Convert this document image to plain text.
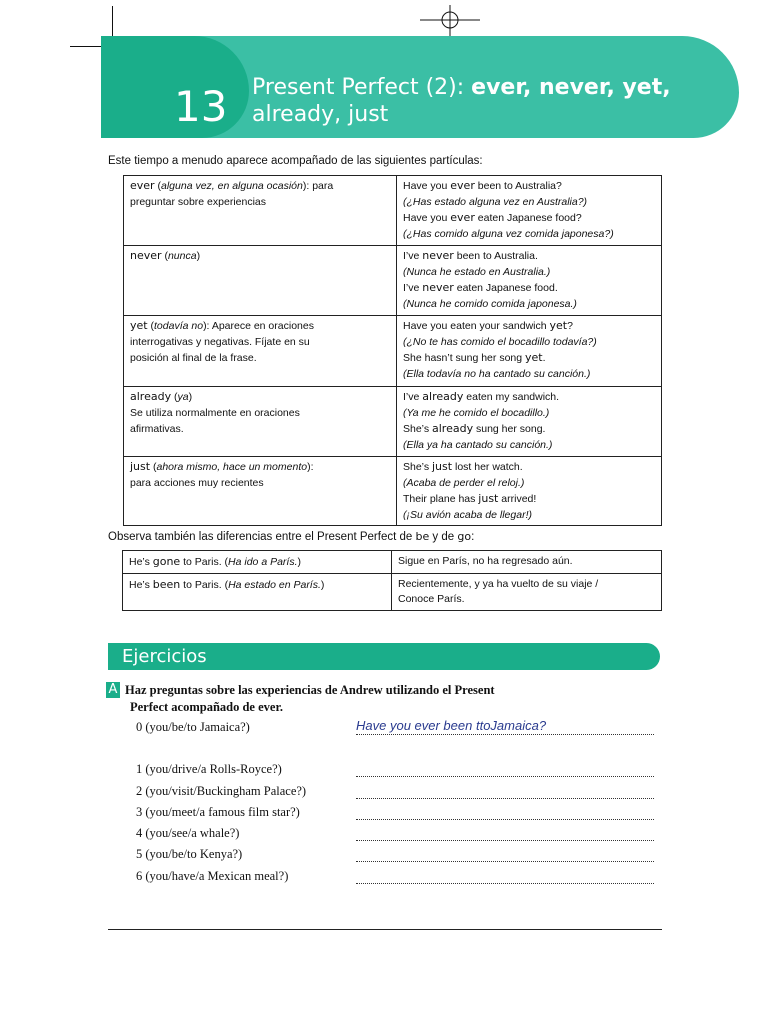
13 Present Perfect (2): ever, never, yet,
already, just
Este tiempo a menudo aparece acompañado de las siguientes partículas:
ever (alguna vez, en alguna ocasión): para
preguntar sobre experiencias	Have you ever been to Australia?
(¿Has estado alguna vez en Australia?)
Have you ever eaten Japanese food?
(¿Has comido alguna vez comida japonesa?)

never (nunca)	I’ve never been to Australia.
(Nunca he estado en Australia.)
I’ve never eaten Japanese food.
(Nunca he comido comida japonesa.)

yet (todavía no): Aparece en oraciones
interrogativas y negativas. Fíjate en su
posición al final de la frase.	Have you eaten your sandwich yet?
(¿No te has comido el bocadillo todavía?)
She hasn’t sung her song yet.
(Ella todavía no ha cantado su canción.)

already (ya)
Se utiliza normalmente en oraciones
afirmativas.	I’ve already eaten my sandwich.
(Ya me he comido el bocadillo.)
She’s already sung her song.
(Ella ya ha cantado su canción.)

just (ahora mismo, hace un momento):
para acciones muy recientes	She’s just lost her watch.
(Acaba de perder el reloj.)
Their plane has just arrived!
(¡Su avión acaba de llegar!)
Observa también las diferencias entre el Present Perfect de be y de go:
He’s gone to Paris. (Ha ido a París.)	Sigue en París, no ha regresado aún.
He’s been to Paris. (Ha estado en París.)	Recientemente, y ya ha vuelto de su viaje /
Conoce París.
Ejercicios
A Haz preguntas sobre las experiencias de Andrew utilizando el Present
Perfect acompañado de ever.
0 (you/be/to Jamaica?)	Have you ever been ttoJamaica?
1 (you/drive/a Rolls-Royce?)
2 (you/visit/Buckingham Palace?)
3 (you/meet/a famous film star?)
4 (you/see/a whale?)
5 (you/be/to Kenya?)
6 (you/have/a Mexican meal?)
